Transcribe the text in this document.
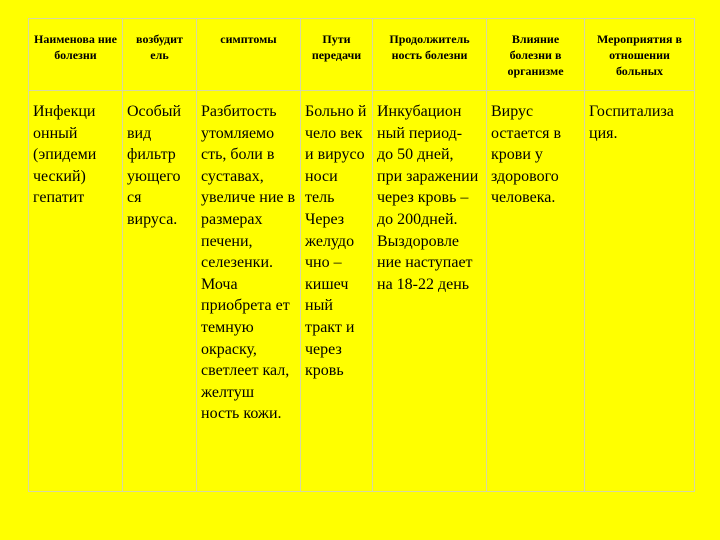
Наименова ние болезни	возбудит ель	симптомы	Пути передачи	Продолжитель ность болезни	Влияние болезни в организме	Мероприятия в отношении больных
Инфекци онный (эпидеми ческий) гепатит	Особый вид фильтр ующего ся вируса.	Разбитость утомляемо сть, боли в суставах, увеличе ние в размерах печени, селезенки. Моча приобрета ет темную окраску, светлеет кал, желтуш ность кожи.	Больно й чело век и вирусо носи тель Через желудо чно – кишеч ный тракт и через кровь	Инкубацион ный период- до 50 дней, при заражении через кровь – до 200дней. Выздоровле ние наступает на 18-22 день	Вирус остается в крови у здорового человека.	Госпитализа ция.
